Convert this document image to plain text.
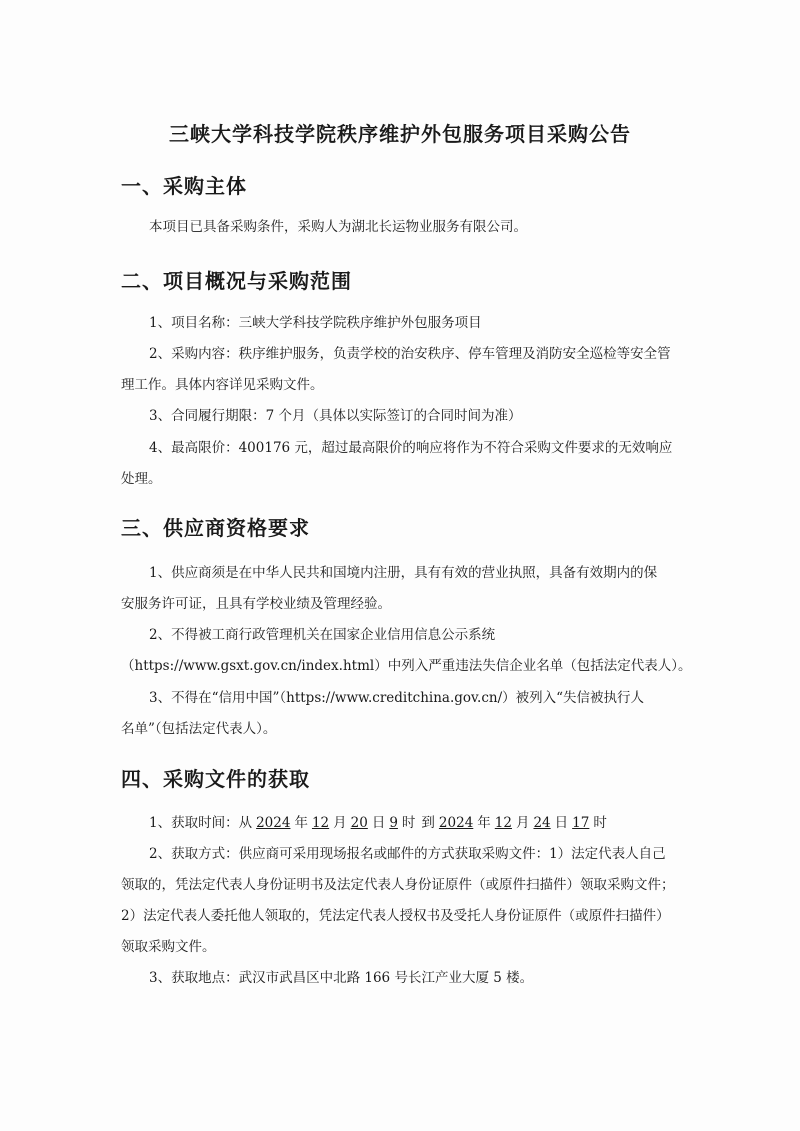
三峡大学科技学院秩序维护外包服务项目采购公告
一、采购主体
本项目已具备采购条件，采购人为湖北长运物业服务有限公司。
二、项目概况与采购范围
1、项目名称：三峡大学科技学院秩序维护外包服务项目
2、采购内容：秩序维护服务，负责学校的治安秩序、停车管理及消防安全巡检等安全管
理工作。具体内容详见采购文件。
3、合同履行期限：7 个月（具体以实际签订的合同时间为准）
4、最高限价：400176 元，超过最高限价的响应将作为不符合采购文件要求的无效响应
处理。
三、供应商资格要求
1、供应商须是在中华人民共和国境内注册，具有有效的营业执照，具备有效期内的保
安服务许可证，且具有学校业绩及管理经验。
2、不得被工商行政管理机关在国家企业信用信息公示系统
（https://www.gsxt.gov.cn/index.html）中列入严重违法失信企业名单（包括法定代表人）。
3、不得在“信用中国”（https://www.creditchina.gov.cn/）被列入“失信被执行人
名单”（包括法定代表人）。
四、采购文件的获取
1、获取时间：从 2024 年 12 月 20 日 9 时 到 2024 年 12 月 24 日 17 时
2、获取方式：供应商可采用现场报名或邮件的方式获取采购文件：1）法定代表人自己
领取的，凭法定代表人身份证明书及法定代表人身份证原件（或原件扫描件）领取采购文件；
2）法定代表人委托他人领取的，凭法定代表人授权书及受托人身份证原件（或原件扫描件）
领取采购文件。
3、获取地点：武汉市武昌区中北路 166 号长江产业大厦 5 楼。
